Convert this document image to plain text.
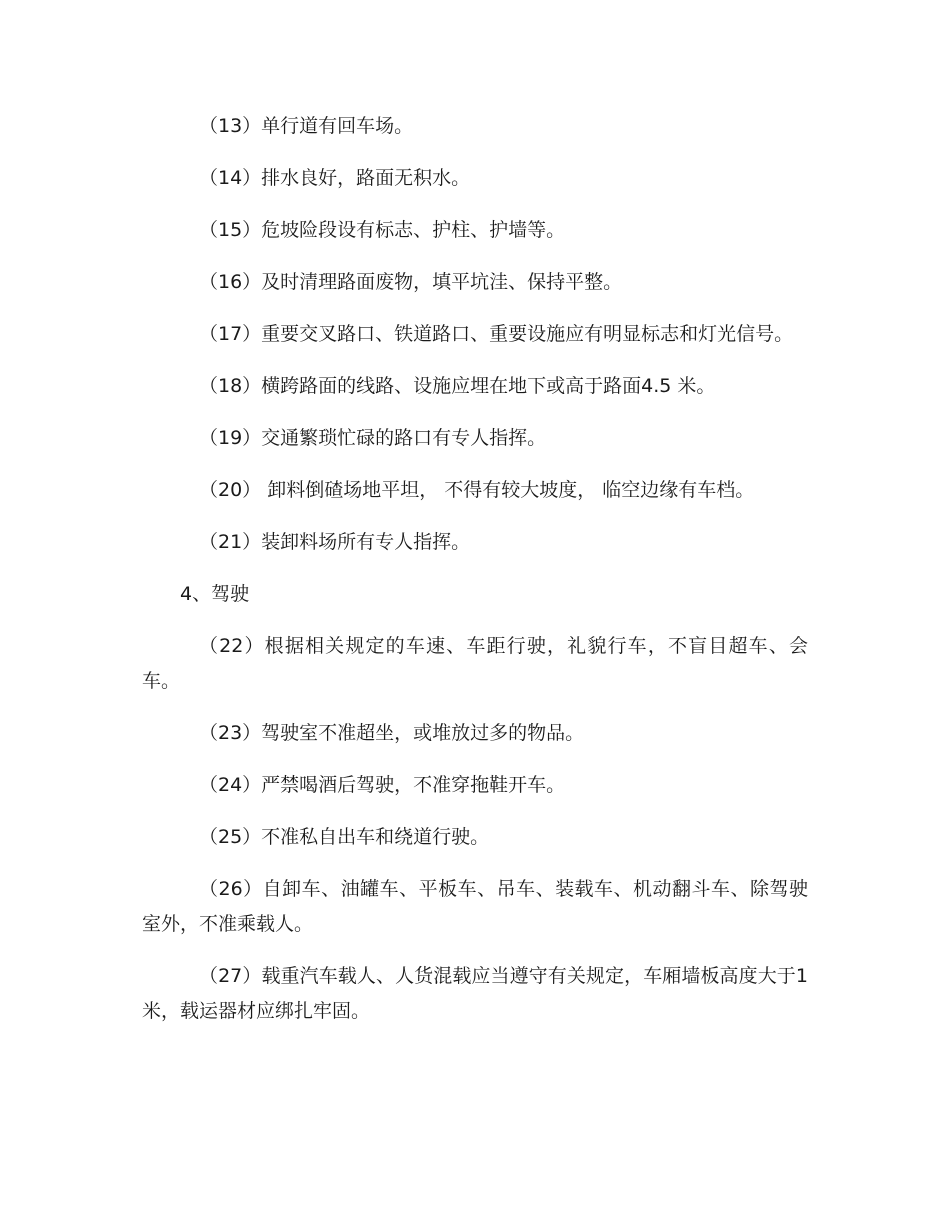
（13）单行道有回车场。

（14）排水良好，路面无积水。

（15）危坡险段设有标志、护柱、护墙等。

（16）及时清理路面废物，填平坑洼、保持平整。

（17）重要交叉路口、铁道路口、重要设施应有明显标志和灯光信号。

（18）横跨路面的线路、设施应埋在地下或高于路面4.5 米。

（19）交通繁琐忙碌的路口有专人指挥。

（20） 卸料倒碴场地平坦， 不得有较大坡度， 临空边缘有车档。

（21）装卸料场所有专人指挥。

4、驾驶

（22）根据相关规定的车速、车距行驶，礼貌行车，不盲目超车、会 车。

（23）驾驶室不准超坐，或堆放过多的物品。

（24）严禁喝酒后驾驶，不准穿拖鞋开车。

（25）不准私自出车和绕道行驶。

（26）自卸车、油罐车、平板车、吊车、装载车、机动翻斗车、除驾驶室外，不准乘载人。

（27）载重汽车载人、人货混载应当遵守有关规定，车厢墙板高度大于1 米，载运器材应绑扎牢固。
